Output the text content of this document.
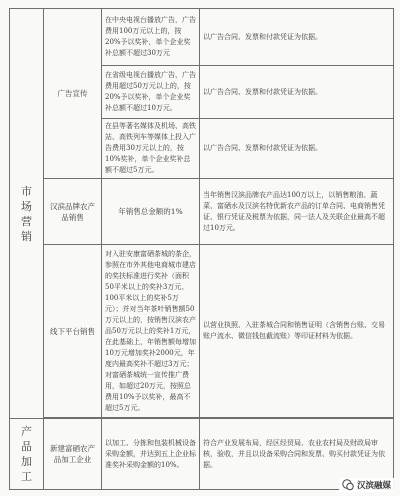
市
场
营
销	广告宣传	在中央电视台播放广告，广告费用100万元以上的，按20%予以奖补，单个企业奖补总额不超过30万元	以广告合同、发票和付款凭证为依据。
		在省级电视台播放广告，广告费用超过50万元以上的，按20%予以奖补，单个企业奖补总额不超过10万元。	以广告合同、发票和付款凭证为依据。
		在县等著名媒体及机场、高铁站、高铁列车等媒体上投入广告费用30万元以上的，按10%奖补，单个企业奖补总额不超过5万元。	以广告合同、发票和付款凭证为依据。
	汉滨品牌农产品销售	年销售总金额的1%	当年销售汉滨品牌农产品达100万以上，以销售粮油、蔬菜、富硒水及汉滨名特优新农产品的订单合同、电商销售凭证、银行凭证及税票为依据，同一法人及关联企业最高不超过10万元。
	线下平台销售	对入驻安康富硒茶城的茶企，参照在市外其他电商城市建店的奖扶标准进行奖补（面积50平米以上的奖补3万元、100平米以上的奖补5万元）；并对当年茶叶销售额50万元以上的，按销售汉滨农产品50万元以上的奖补1万元，在此基础上，年销售额每增加10万元增加奖补2000元，年度内最高奖补不超过3万元；对富硒茶城统一宣传推广费用，如超过20万元，按照总费用10%予以奖补，最高不超过5万元。	以营业执照、入驻茶城合同和销售证明（含销售台账、交易账户流水、微信钱包截流账）等印证材料为依据。

产
品
加
工	新建富硒农产品加工企业	以加工、分拣和包装机械设备采购金额，并达到五上企业标准奖补采购金额的10%。	符合产业发展布局，经区经贸局、农业农村局及财政局审核，验收，并且以设备采购合同和发票、购买付款凭证为依据。
汉滨融媒
